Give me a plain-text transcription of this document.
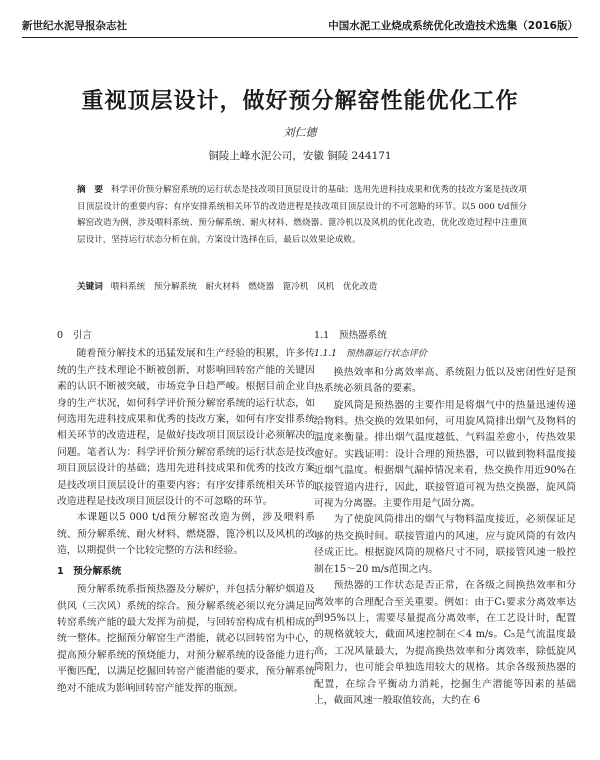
新世纪水泥导报杂志社	中国水泥工业烧成系统优化改造技术选集（2016版）
重视顶层设计，做好预分解窑性能优化工作
刘仁德
铜陵上峰水泥公司，安徽 铜陵 244171
摘　要 科学评价预分解窑系统的运行状态是技改项目顶层设计的基础；选用先进科技成果和优秀的技改方案是技改项目顶层设计的重要内容；有序安排系统相关环节的改造进程是技改项目顶层设计的不可忽略的环节。以5 000 t/d预分解窑改造为例，涉及喂料系统、预分解系统、耐火材料、燃烧器、篦冷机以及风机的优化改造，优化改造过程中注重顶层设计，坚持运行状态分析在前，方案设计选择在后，最后以效果论成败。
关键词 喂料系统　预分解系统　耐火材料　燃烧器　篦冷机　风机　优化改造
0　引言

随着预分解技术的迅猛发展和生产经验的积累，许多传统的生产技术理论不断被创新，对影响回转窑产能的关键因素的认识不断被突破，市场竞争日趋严峻。根据目前企业自身的生产状况，如何科学评价预分解窑系统的运行状态，如何选用先进科技成果和优秀的技改方案，如何有序安排系统相关环节的改造进程，是做好技改项目顶层设计必须解决的问题。笔者认为：科学评价预分解窑系统的运行状态是技改项目顶层设计的基础；选用先进科技成果和优秀的技改方案是技改项目顶层设计的重要内容；有序安排系统相关环节的改造进程是技改项目顶层设计的不可忽略的环节。

本课题以5 000 t/d预分解窑改造为例，涉及喂料系统、预分解系统、耐火材料、燃烧器、篦冷机以及风机的改造，以期提供一个比较完整的方法和经验。

1　预分解系统

预分解系统系指预热器及分解炉，并包括分解炉烟道及供风（三次风）系统的综合。预分解系统必须以充分满足回转窑系统产能的最大发挥为前提，与回转窑构成有机相成的统一整体。挖掘预分解窑生产潜能，就必以回转窑为中心，提高预分解系统的预烧能力，对预分解系统的设备能力进行平衡匹配，以满足挖掘回转窑产能潜能的要求，预分解系统绝对不能成为影响回转窑产能发挥的瓶颈。

1.1　预热器系统
1.1.1　预热器运行状态评价

换热效率和分离效率高、系统阻力低以及密闭性好是预热系统必须具备的要素。

旋风筒是预热器的主要作用是将烟气中的热量迅速传递给物料。热交换的效果如何，可用旋风筒排出烟气及物料的温度来衡量。排出烟气温度越低、气料温差愈小，传热效果愈好。实践证明：设计合理的预热器，可以做到物料温度接近烟气温度。根据烟气漏掉情况来看，热交换作用近90%在联接管道内进行，因此，联接管道可视为热交换器，旋风筒可视为分离器。主要作用是气固分离。

为了使旋风筒排出的烟气与物料温度接近，必须保证足够的热交换时间。联接管道内的风速，应与旋风筒的有效内径成正比。根据旋风筒的规格尺寸不同，联接管风速一般控制在15～20 m/s范围之内。

预热器的工作状态是否正常，在各级之间换热效率和分离效率的合理配合至关重要。例如：由于C₁要求分离效率达到95%以上，需要尽量提高分离效率，在工艺设计时，配置的规格就较大，截面风速控制在＜4 m/s。C₅是气流温度最高，工况风量最大，为提高换热效率和分离效率，除低旋风筒阻力，也可能会单独选用较大的规格。其余各级预热器的配置，在综合平衡动力消耗，挖掘生产潜能等因素的基础上，截面风速一般取值较高，大约在 6
